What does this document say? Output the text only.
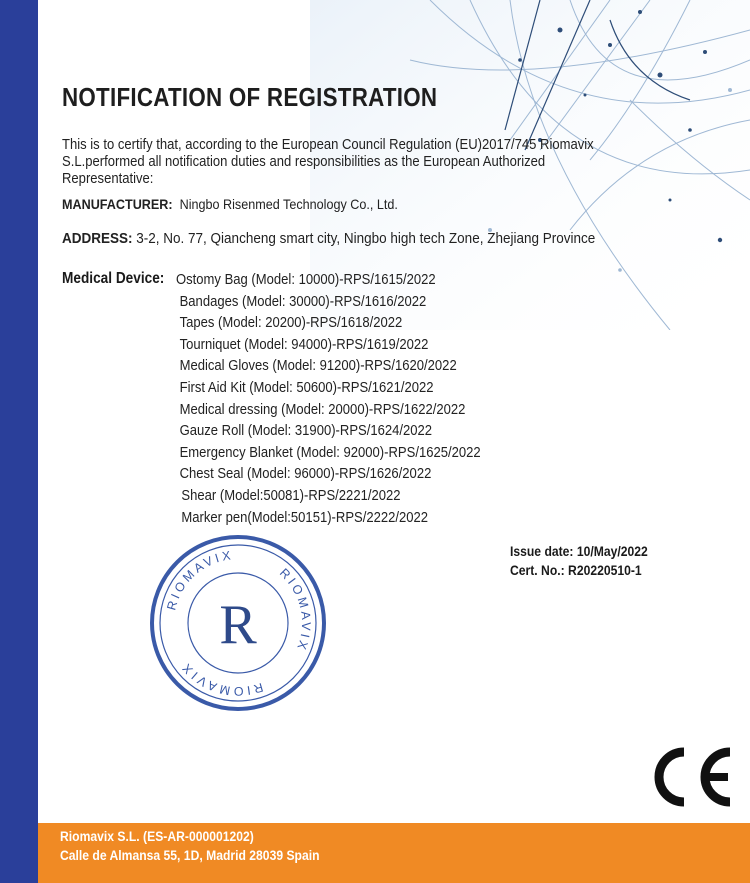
NOTIFICATION OF REGISTRATION
This is to certify that, according to the European Council Regulation (EU)2017/745 Riomavix S.L.performed all notification duties and responsibilities as the European Authorized Representative:
MANUFACTURER: Ningbo Risenmed Technology Co., Ltd.
ADDRESS: 3-2, No. 77, Qiancheng smart city, Ningbo high tech Zone, Zhejiang Province
Medical Device: Ostomy Bag (Model: 10000)-RPS/1615/2022
Bandages (Model: 30000)-RPS/1616/2022
Tapes (Model: 20200)-RPS/1618/2022
Tourniquet (Model: 94000)-RPS/1619/2022
Medical Gloves (Model: 91200)-RPS/1620/2022
First Aid Kit (Model: 50600)-RPS/1621/2022
Medical dressing (Model: 20000)-RPS/1622/2022
Gauze Roll (Model: 31900)-RPS/1624/2022
Emergency Blanket (Model: 92000)-RPS/1625/2022
Chest Seal (Model: 96000)-RPS/1626/2022
Shear (Model:50081)-RPS/2221/2022
Marker pen(Model:50151)-RPS/2222/2022
Issue date: 10/May/2022
Cert. No.: R20220510-1
RIOMAVIX
RIOMAVIX
RIOMAVIX
R
Riomavix S.L. (ES-AR-000001202)
Calle de Almansa 55, 1D, Madrid 28039 Spain
